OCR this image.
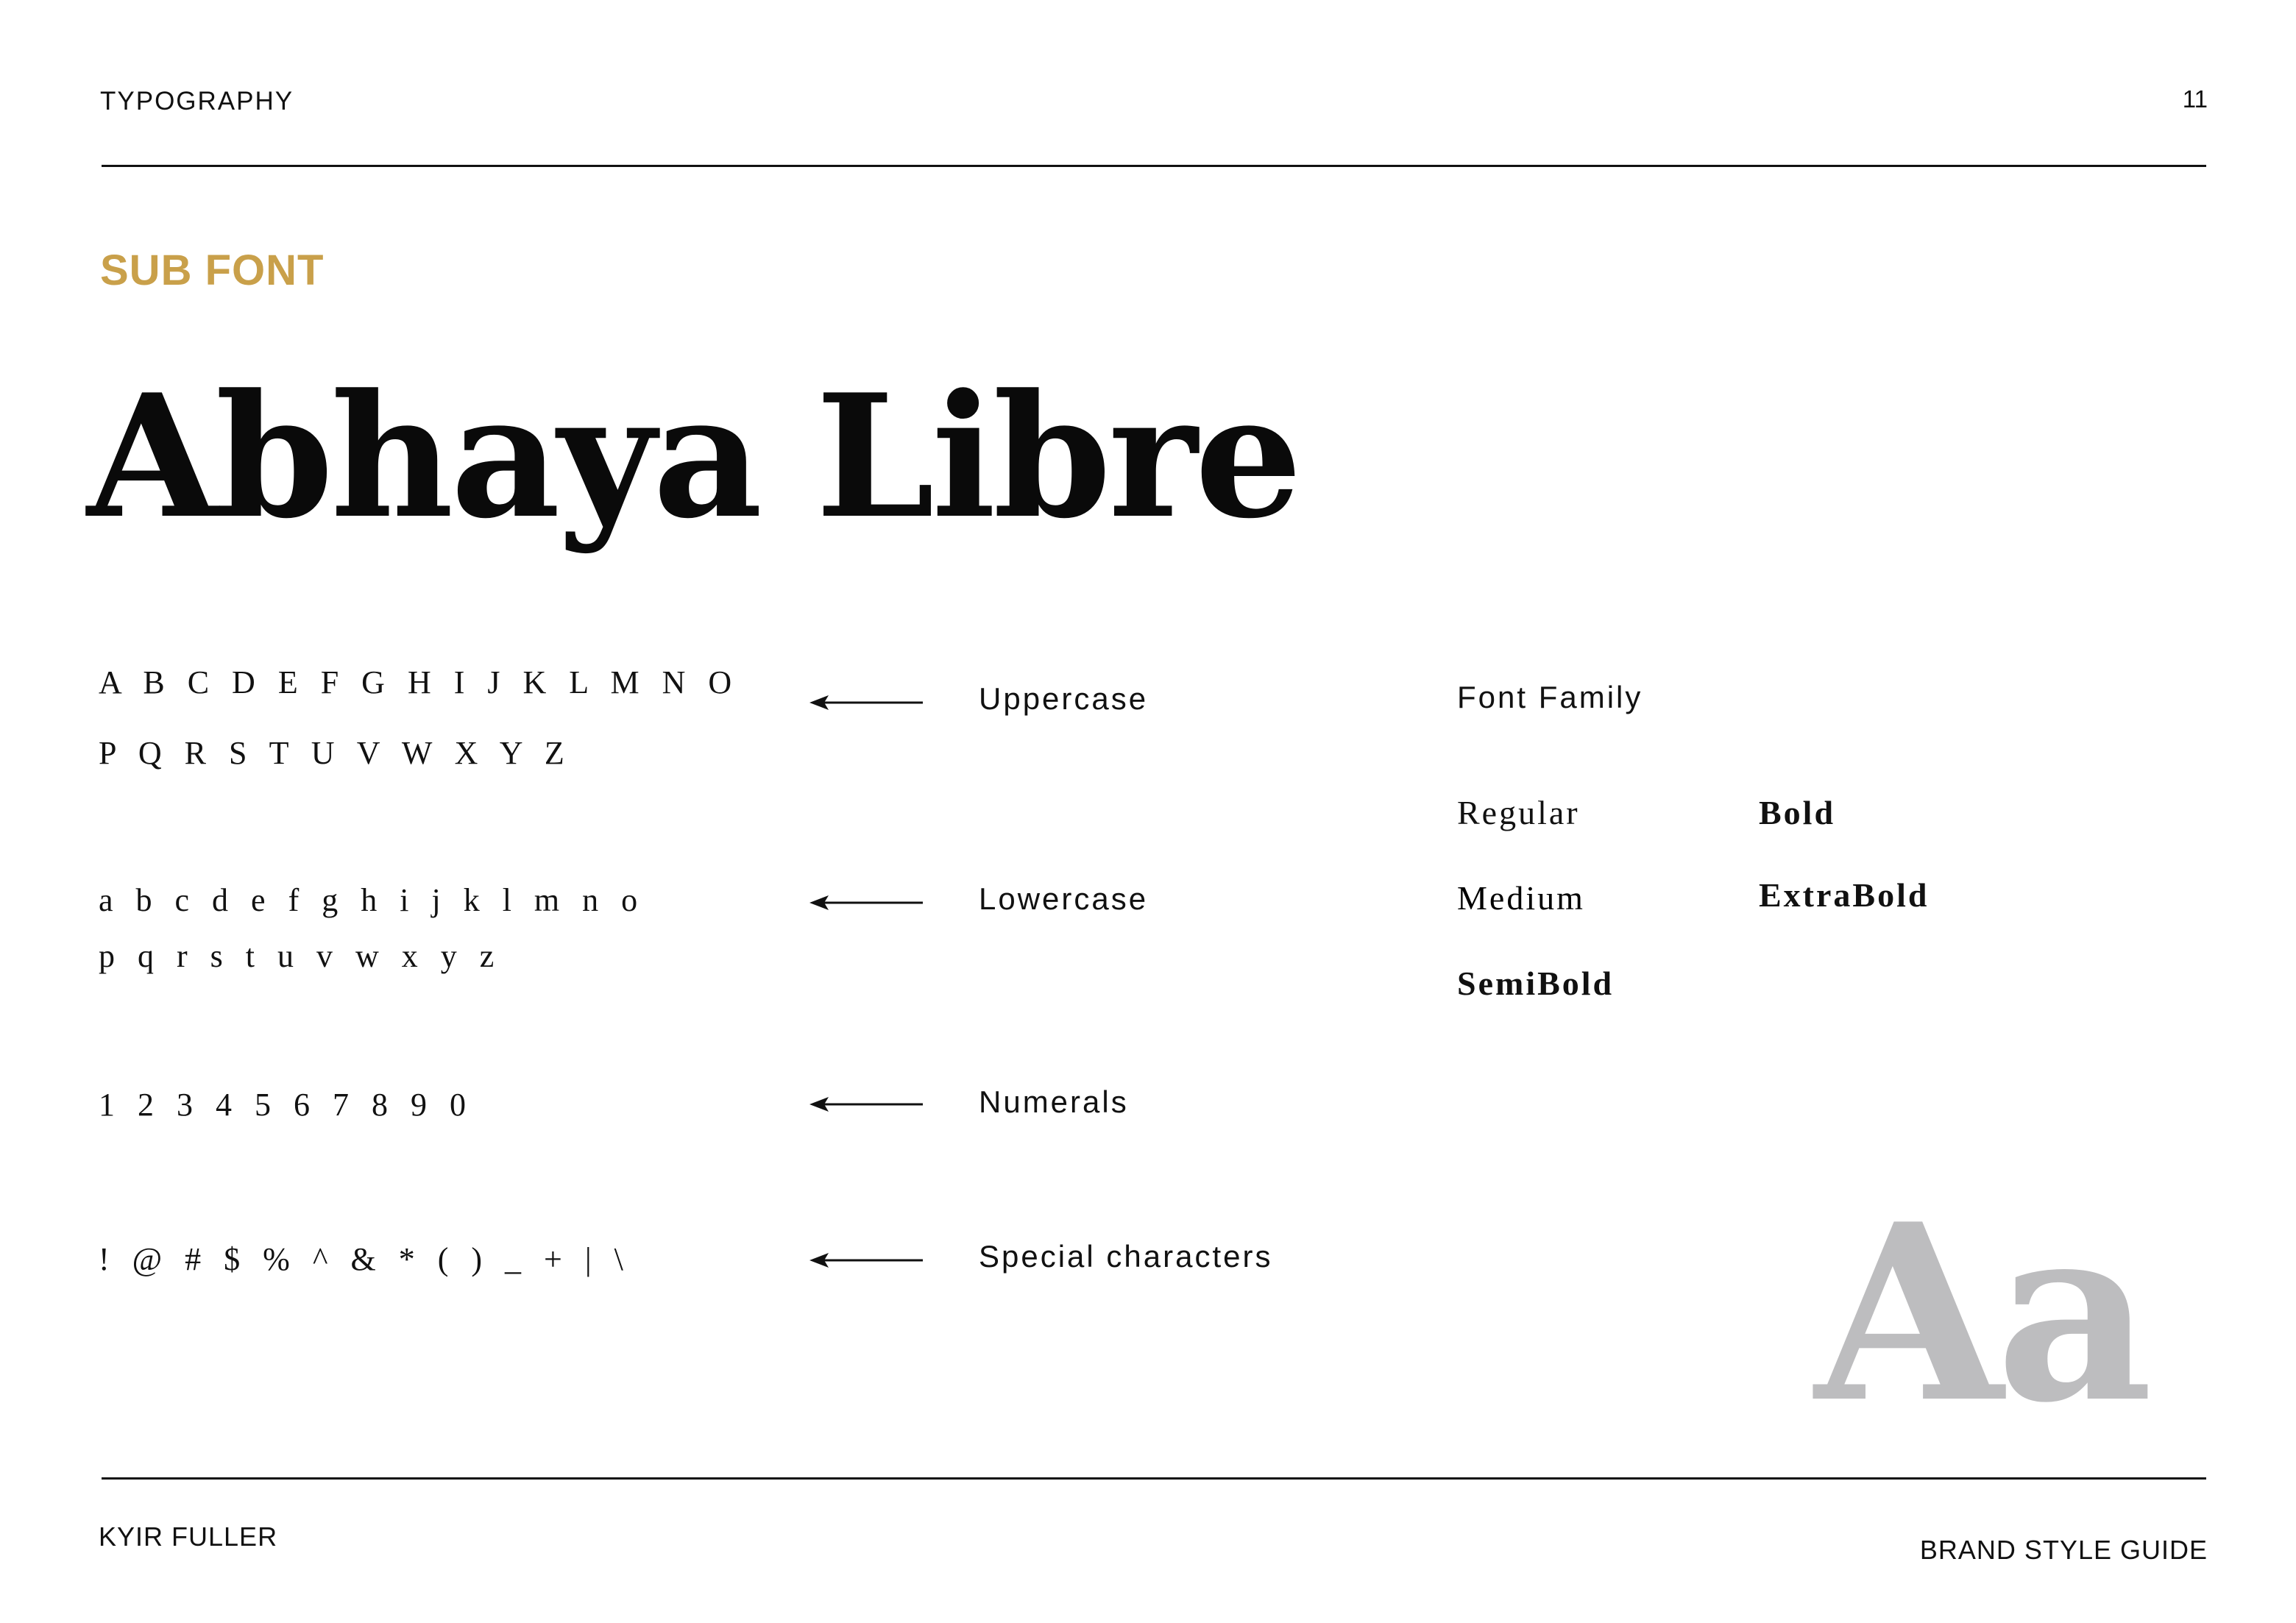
TYPOGRAPHY	11
SUB FONT
Abhaya Libre
A B C D E F G H I J K L M N O
P Q R S T U V W X Y Z
Uppercase
a b c d e f g h i j k l m n o
p q r s t u v w x y z
Lowercase
1 2 3 4 5 6 7 8 9 0	Numerals
! @ # $ % ^ & * ( ) _ + | \	Special characters
Font Family
Regular
Medium
SemiBold
Bold
ExtraBold
Aa
KYIR FULLER	BRAND STYLE GUIDE
